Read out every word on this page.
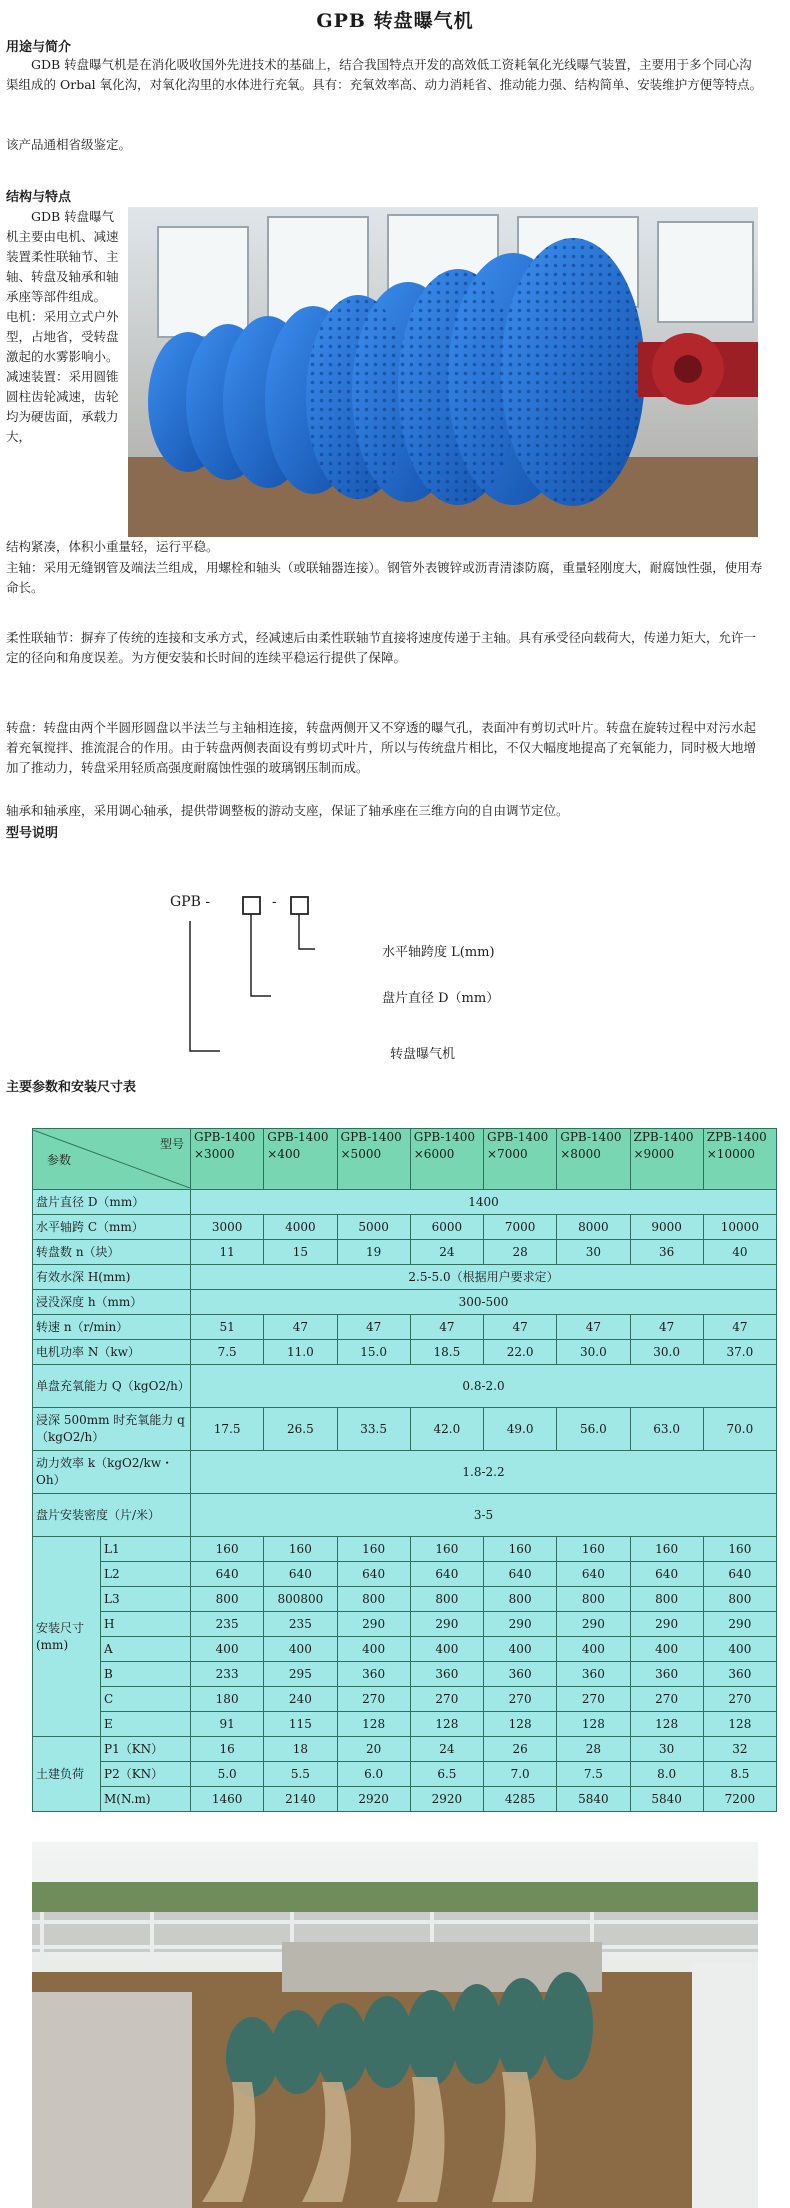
GPB 转盘曝气机
用途与简介

GDB 转盘曝气机是在消化吸收国外先进技术的基础上，结合我国特点开发的高效低工资耗氧化光线曝气装置，主要用于多个同心沟渠组成的 Orbal 氧化沟，对氧化沟里的水体进行充氧。具有：充氧效率高、动力消耗省、推动能力强、结构简单、安装维护方便等特点。

该产品通相省级鉴定。

结构与特点

GDB 转盘曝气机主要由电机、减速装置柔性联轴节、主轴、转盘及轴承和轴承座等部件组成。

电机：采用立式户外型，占地省，受转盘激起的水雾影响小。

减速装置：采用圆锥圆柱齿轮减速，齿轮均为硬齿面，承载力大，

结构紧凑，体积小重量轻，运行平稳。

主轴：采用无缝钢管及端法兰组成，用螺栓和轴头（或联轴器连接）。钢管外表镀锌或沥青清漆防腐，重量轻刚度大，耐腐蚀性强，使用寿命长。

柔性联轴节：摒弃了传统的连接和支承方式，经减速后由柔性联轴节直接将速度传递于主轴。具有承受径向载荷大，传递力矩大，允许一定的径向和角度误差。为方便安装和长时间的连续平稳运行提供了保障。

转盘：转盘由两个半圆形圆盘以半法兰与主轴相连接，转盘两侧开又不穿透的曝气孔，表面冲有剪切式叶片。转盘在旋转过程中对污水起着充氧搅拌、推流混合的作用。由于转盘两侧表面设有剪切式叶片，所以与传统盘片相比，不仅大幅度地提高了充氧能力，同时极大地增加了推动力，转盘采用轻质高强度耐腐蚀性强的玻璃钢压制而成。

轴承和轴承座，采用调心轴承，提供带调整板的游动支座，保证了轴承座在三维方向的自由调节定位。

型号说明
GPB -	-
水平轴跨度 L(mm)
盘片直径 D（mm）
转盘曝气机
主要参数和安装尺寸表
型号
参数		GPB-1400×3000	GPB-1400×400	GPB-1400×5000	GPB-1400×6000	GPB-1400×7000	GPB-1400×8000	ZPB-1400×9000	ZPB-1400×10000
盘片直径 D（mm）		1400							
水平轴跨 C（mm）		3000	4000	5000	6000	7000	8000	9000	10000
转盘数 n（块）		11	15	19	24	28	30	36	40
有效水深 H(mm)		2.5-5.0（根据用户要求定）							
浸没深度 h（mm）		300-500							
转速 n（r/min）		51	47	47	47	47	47	47	47
电机功率 N（kw）		7.5	11.0	15.0	18.5	22.0	30.0	30.0	37.0
单盘充氧能力 Q（kgO2/h）		0.8-2.0							
浸深 500mm 时充氧能力 q（kgO2/h）		17.5	26.5	33.5	42.0	49.0	56.0	63.0	70.0
动力效率 k（kgO2/kw・Oh）		1.8-2.2							
盘片安装密度（片/米）		3-5							
安装尺寸(mm)	L1	160	160	160	160	160	160	160	160
	L2	640	640	640	640	640	640	640	640
	L3	800	800800	800	800	800	800	800	800
	H	235	235	290	290	290	290	290	290
	A	400	400	400	400	400	400	400	400
	B	233	295	360	360	360	360	360	360
	C	180	240	270	270	270	270	270	270
	E	91	115	128	128	128	128	128	128
土建负荷	P1（KN）	16	18	20	24	26	28	30	32
	P2（KN）	5.0	5.5	6.0	6.5	7.0	7.5	8.0	8.5
	M(N.m)	1460	2140	2920	2920	4285	5840	5840	7200
